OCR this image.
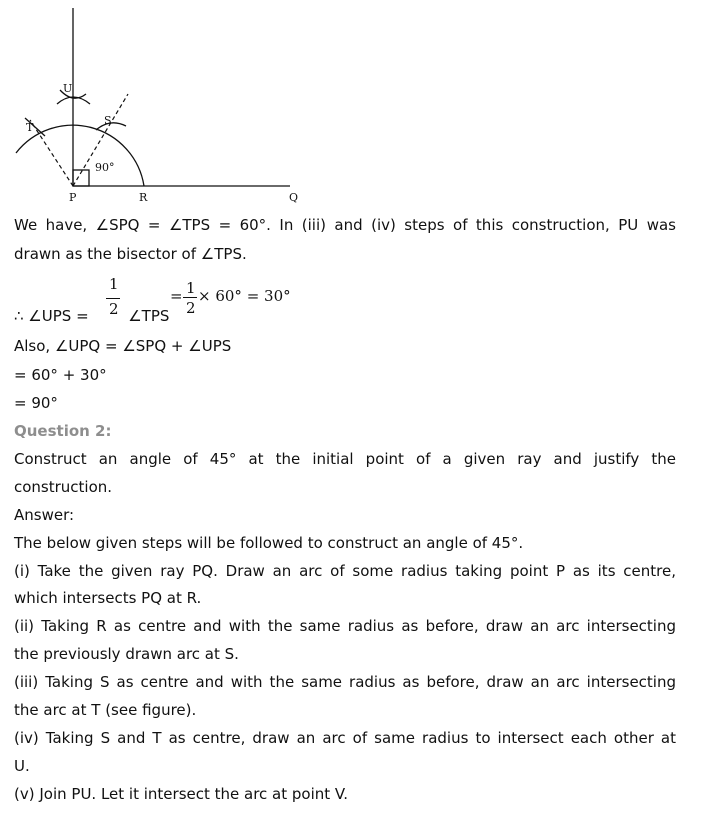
U
T
S
90°
P	R	Q
We have, ∠SPQ = ∠TPS = 60°. In (iii) and (iv) steps of this construction, PU was
drawn as the bisector of ∠TPS.
∴ ∠UPS =  ∠TPS
1
2
= 1
2
× 60° = 30°
Also, ∠UPQ = ∠SPQ + ∠UPS
= 60° + 30°
= 90°
Question 2:
Construct an angle of 45° at the initial point of a given ray and justify the
construction.
Answer:
The below given steps will be followed to construct an angle of 45°.
(i) Take the given ray PQ. Draw an arc of some radius taking point P as its centre,
which intersects PQ at R.
(ii) Taking R as centre and with the same radius as before, draw an arc intersecting
the previously drawn arc at S.
(iii) Taking S as centre and with the same radius as before, draw an arc intersecting
the arc at T (see figure).
(iv) Taking S and T as centre, draw an arc of same radius to intersect each other at
U.
(v) Join PU. Let it intersect the arc at point V.
